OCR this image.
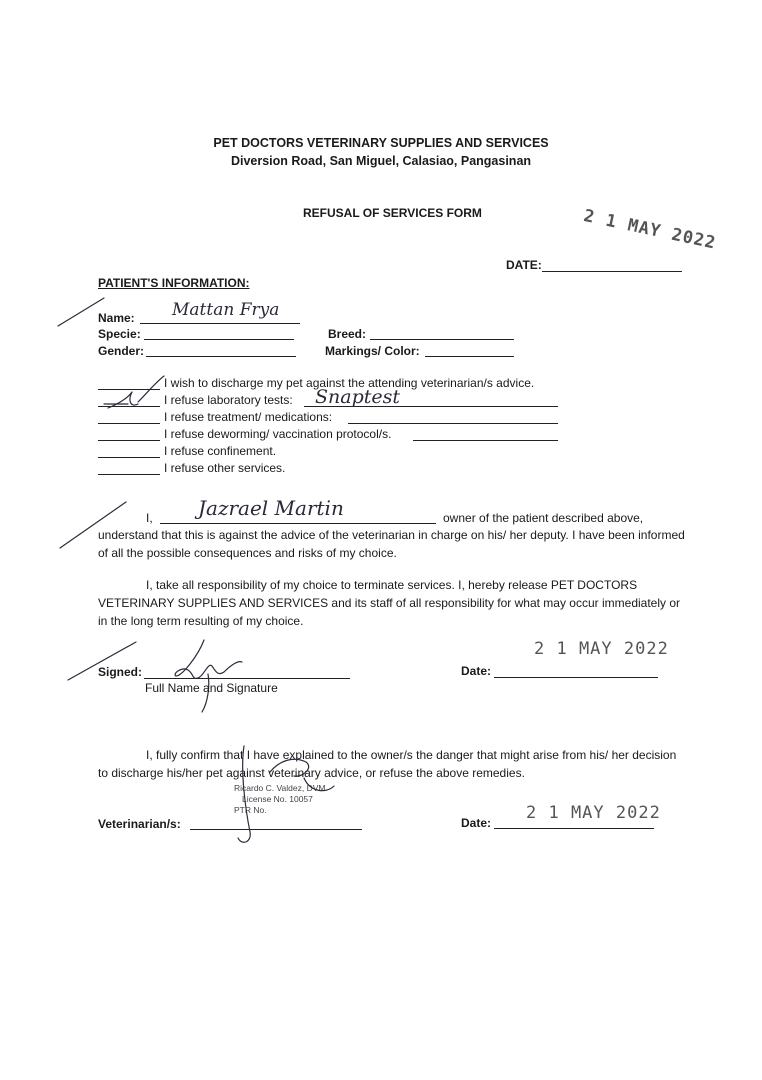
PET DOCTORS VETERINARY SUPPLIES AND SERVICES
Diversion Road, San Miguel, Calasiao, Pangasinan
REFUSAL OF SERVICES FORM	2 1 MAY 2022
DATE:
PATIENT'S INFORMATION:
Name: Mattan Frya
Specie:	Breed:
Gender:	Markings/ Color:
I wish to discharge my pet against the attending veterinarian/s advice.
I refuse laboratory tests: Snaptest
I refuse treatment/ medications:
I refuse deworming/ vaccination protocol/s.
I refuse confinement.
I refuse other services.
I, Jazrael Martin	owner of the patient described above,
understand that this is against the advice of the veterinarian in charge on his/ her deputy. I have been informed of all the possible consequences and risks of my choice.
I, take all responsibility of my choice to terminate services. I, hereby release PET DOCTORS VETERINARY SUPPLIES AND SERVICES and its staff of all responsibility for what may occur immediately or in the long term resulting of my choice.
Signed:
Full Name and Signature
Date:
2 1 MAY 2022
I, fully confirm that I have explained to the owner/s the danger that might arise from his/ her decision to discharge his/her pet against veterinary advice, or refuse the above remedies.
Veterinarian/s:
Ricardo C. Valdez, DVM
License No. 10057
PTR No.
Date: 2 1 MAY 2022
